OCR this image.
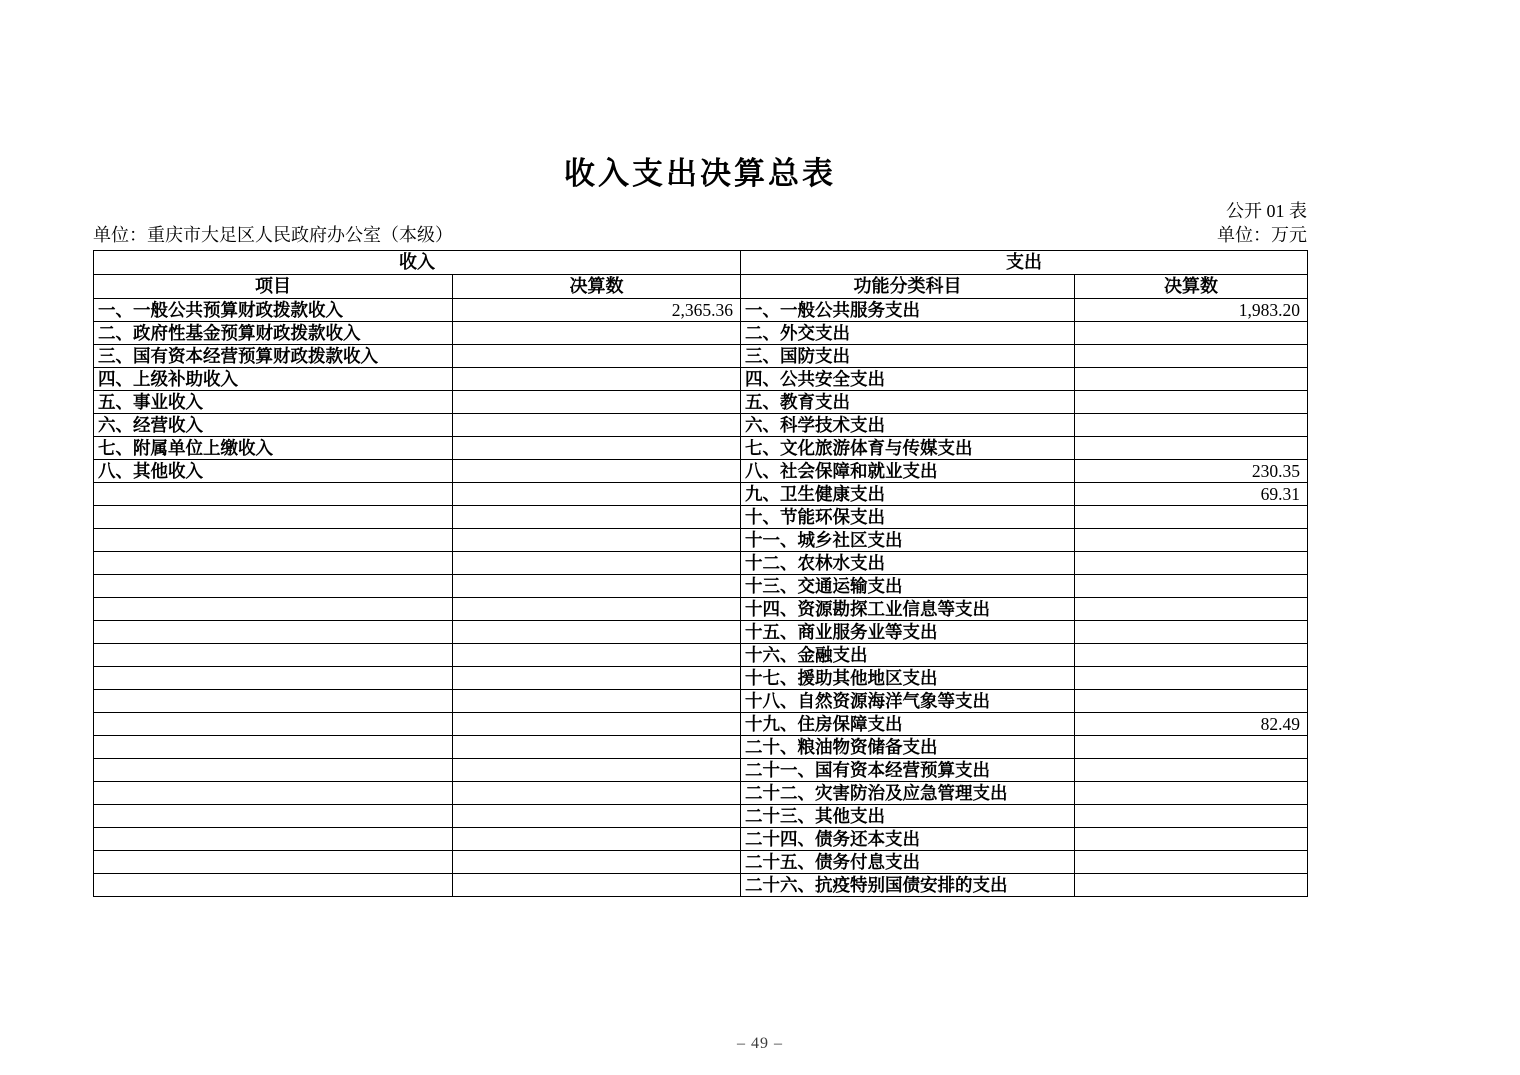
收入支出决算总表
公开 01 表
单位：重庆市大足区人民政府办公室（本级）	单位：万元
收入		支出	
项目	决算数	功能分类科目	决算数
一、一般公共预算财政拨款收入	2,365.36	一、一般公共服务支出	1,983.20
二、政府性基金预算财政拨款收入		二、外交支出	
三、国有资本经营预算财政拨款收入		三、国防支出	
四、上级补助收入		四、公共安全支出	
五、事业收入		五、教育支出	
六、经营收入		六、科学技术支出	
七、附属单位上缴收入		七、文化旅游体育与传媒支出	
八、其他收入		八、社会保障和就业支出	230.35
		九、卫生健康支出	69.31
		十、节能环保支出	
		十一、城乡社区支出	
		十二、农林水支出	
		十三、交通运输支出	
		十四、资源勘探工业信息等支出	
		十五、商业服务业等支出	
		十六、金融支出	
		十七、援助其他地区支出	
		十八、自然资源海洋气象等支出	
		十九、住房保障支出	82.49
		二十、粮油物资储备支出	
		二十一、国有资本经营预算支出	
		二十二、灾害防治及应急管理支出	
		二十三、其他支出	
		二十四、债务还本支出	
		二十五、债务付息支出	
		二十六、抗疫特别国债安排的支出	
– 49 –
